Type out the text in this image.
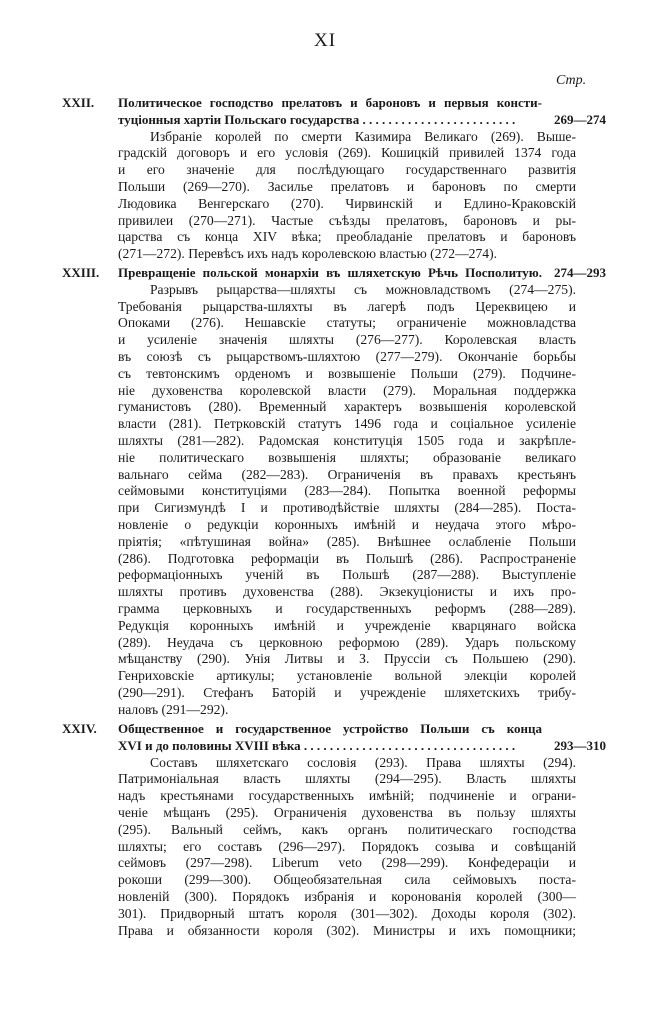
XI
Стр.
XXII. Политическое господство прелатовъ и бароновъ и первыя консти-
туціонныя хартіи Польскаго государства . . . . . . . . . . . . . . . . . . . . . . . .	269—274
Избраніе королей по смерти Казимира Великаго (269). Выше-
градскій договоръ и его условія (269). Кошицкій привилей 1374 года
и его значеніе для послѣдующаго государственнаго развитія
Польши (269—270). Засилье прелатовъ и бароновъ по смерти
Людовика Венгерскаго (270). Чирвинскій и Едлино-Краковскій
привилеи (270—271). Частые съѣзды прелатовъ, бароновъ и ры-
царства съ конца XIV вѣка; преобладаніе прелатовъ и бароновъ
(271—272). Перевѣсъ ихъ надъ королевскою властью (272—274).
XXIII. Превращеніе польской монархіи въ шляхетскую Рѣчь Посполитую. 274—293
Разрывъ рыцарства—шляхты съ можновладствомъ (274—275).
Требованія рыцарства-шляхты въ лагерѣ подъ Цереквицею и
Опоками (276). Нешавскіе статуты; ограниченіе можновладства
и усиленіе значенія шляхты (276—277). Королевская власть
въ союзѣ съ рыцарствомъ-шляхтою (277—279). Окончаніе борьбы
съ тевтонскимъ орденомъ и возвышеніе Польши (279). Подчине-
ніе духовенства королевской власти (279). Моральная поддержка
гуманистовъ (280). Временный характеръ возвышенія королевской
власти (281). Петрковскій статутъ 1496 года и соціальное усиленіе
шляхты (281—282). Радомская конституція 1505 года и закрѣпле-
ніе политическаго возвышенія шляхты; образованіе великаго
вальнаго сейма (282—283). Ограниченія въ правахъ крестьянъ
сеймовыми конституціями (283—284). Попытка военной реформы
при Сигизмундѣ I и противодѣйствіе шляхты (284—285). Поста-
новленіе о редукціи коронныхъ имѣній и неудача этого мѣро-
пріятія; «пѣтушиная война» (285). Внѣшнее ослабленіе Польши
(286). Подготовка реформаціи въ Польшѣ (286). Распространеніе
реформаціонныхъ ученій въ Польшѣ (287—288). Выступленіе
шляхты противъ духовенства (288). Экзекуціонисты и ихъ про-
грамма церковныхъ и государственныхъ реформъ (288—289).
Редукція коронныхъ имѣній и учрежденіе кварцянаго войска
(289). Неудача съ церковною реформою (289). Ударъ польскому
мѣщанству (290). Унія Литвы и З. Пруссіи съ Польшею (290).
Генриховскіе артикулы; установленіе вольной элекціи королей
(290—291). Стефанъ Баторій и учрежденіе шляхетскихъ трибу-
наловъ (291—292).
XXIV. Общественное и государственное устройство Польши съ конца
XVI и до половины XVIII вѣка . . . . . . . . . . . . . . . . . . . . . . . . . . . . . . . . .	293—310
Составъ шляхетскаго сословія (293). Права шляхты (294).
Патримоніальная власть шляхты (294—295). Власть шляхты
надъ крестьянами государственныхъ имѣній; подчиненіе и ограни-
ченіе мѣщанъ (295). Ограниченія духовенства въ пользу шляхты
(295). Вальный сеймъ, какъ органъ политическаго господства
шляхты; его составъ (296—297). Порядокъ созыва и совѣщаній
сеймовъ (297—298). Liberum veto (298—299). Конфедераціи и
рокоши (299—300). Общеобязательная сила сеймовыхъ поста-
новленій (300). Порядокъ избранія и коронованія королей (300—
301). Придворный штатъ короля (301—302). Доходы короля (302).
Права и обязанности короля (302). Министры и ихъ помощники;
